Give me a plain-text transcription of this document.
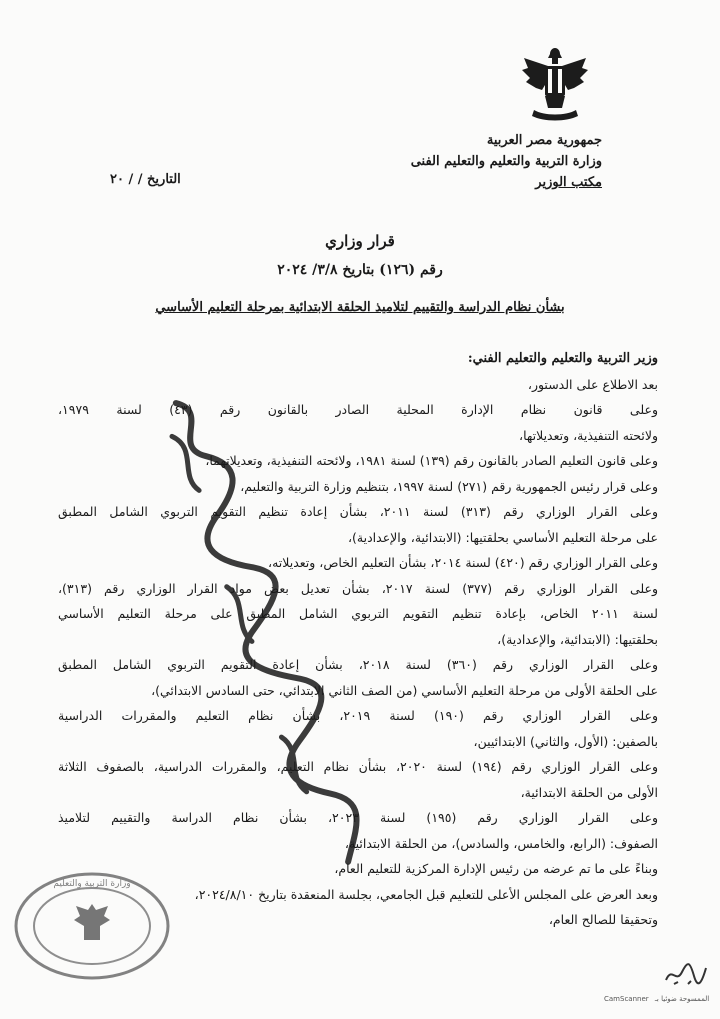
جمهورية مصر العربية
وزارة التربية والتعليم والتعليم الفنى
مكتب الوزير
التاريخ / / ٢٠
قرار وزاري
رقم (١٢٦) بتاريخ ٣/٨/ ٢٠٢٤
بشأن نظام الدراسة والتقييم لتلاميذ الحلقة الابتدائية بمرحلة التعليم الأساسي

وزير التربية والتعليم والتعليم الفني:

بعد الاطلاع على الدستور،

وعلى قانون نظام الإدارة المحلية الصادر بالقانون رقم (٤٣) لسنة ١٩٧٩،

ولائحته التنفيذية، وتعديلاتها،

وعلى قانون التعليم الصادر بالقانون رقم (١٣٩) لسنة ١٩٨١، ولائحته التنفيذية، وتعديلاتهما،

وعلى قرار رئيس الجمهورية رقم (٢٧١) لسنة ١٩٩٧، بتنظيم وزارة التربية والتعليم،

وعلى القرار الوزاري رقم (٣١٣) لسنة ٢٠١١، بشأن إعادة تنظيم التقويم التربوي الشامل المطبق

على مرحلة التعليم الأساسي بحلقتيها: (الابتدائية، والإعدادية)،

وعلى القرار الوزاري رقم (٤٢٠) لسنة ٢٠١٤، بشأن التعليم الخاص، وتعديلاته،

وعلى القرار الوزاري رقم (٣٧٧) لسنة ٢٠١٧، بشأن تعديل بعض مواد القرار الوزاري رقم (٣١٣)،

لسنة ٢٠١١ الخاص، بإعادة تنظيم التقويم التربوي الشامل المطبق على مرحلة التعليم الأساسي

بحلقتيها: (الابتدائية، والإعدادية)،

وعلى القرار الوزاري رقم (٣٦٠) لسنة ٢٠١٨، بشأن إعادة التقويم التربوي الشامل المطبق

على الحلقة الأولى من مرحلة التعليم الأساسي (من الصف الثاني الابتدائي، حتى السادس الابتدائي)،

وعلى القرار الوزاري رقم (١٩٠) لسنة ٢٠١٩، بشأن نظام التعليم والمقررات الدراسية

بالصفين: (الأول، والثاني) الابتدائيين،

وعلى القرار الوزاري رقم (١٩٤) لسنة ٢٠٢٠، بشأن نظام التعليم، والمقررات الدراسية، بالصفوف الثلاثة

الأولى من الحلقة الابتدائية،

وعلى القرار الوزاري رقم (١٩٥) لسنة ٢٠٢٣، بشأن نظام الدراسة والتقييم لتلاميذ

الصفوف: (الرابع، والخامس، والسادس)، من الحلقة الابتدائية،

وبناءً على ما تم عرضه من رئيس الإدارة المركزية للتعليم العام،

وبعد العرض على المجلس الأعلى للتعليم قبل الجامعي، بجلسة المنعقدة بتاريخ ٢٠٢٤/٨/١٠،

وتحقيقا للصالح العام،

وزارة التربية والتعليم
الممسوحة ضوئيا بـ CamScanner
